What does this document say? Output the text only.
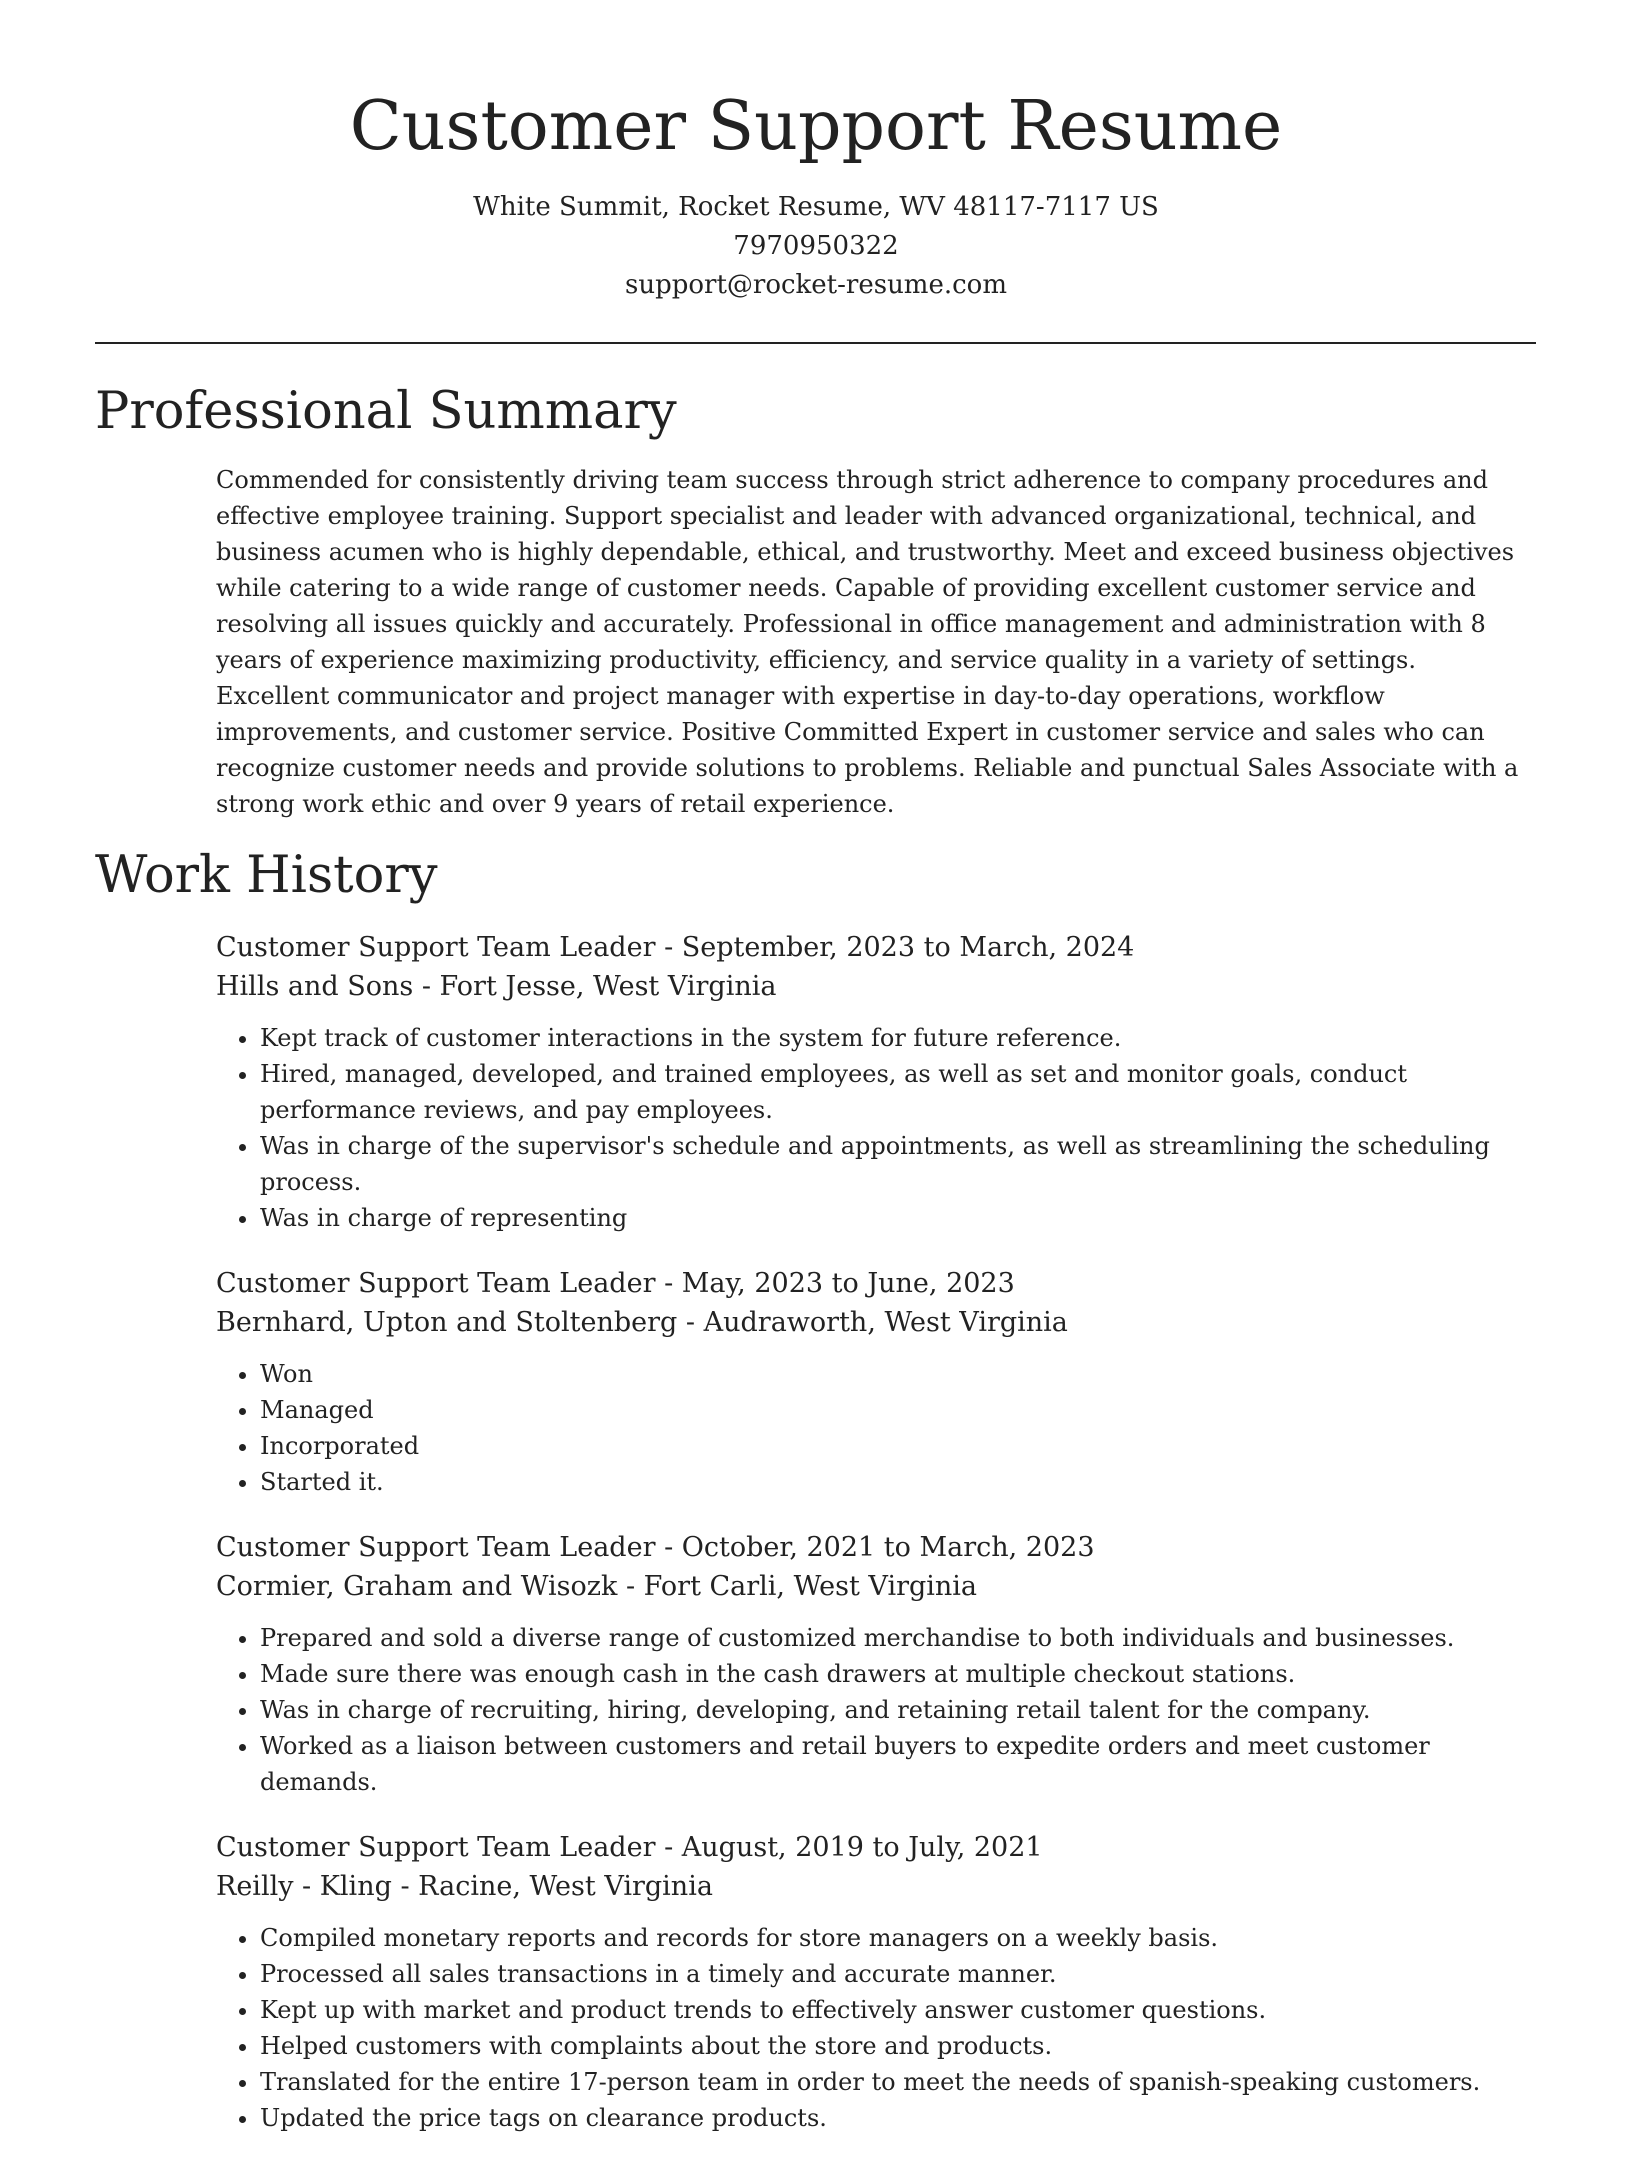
Customer Support Resume
White Summit, Rocket Resume, WV 48117-7117 US
7970950322
support@rocket-resume.com
Professional Summary

Commended for consistently driving team success through strict adherence to company procedures and effective employee training. Support specialist and leader with advanced organizational, technical, and business acumen who is highly dependable, ethical, and trustworthy. Meet and exceed business objectives while catering to a wide range of customer needs. Capable of providing excellent customer service and resolving all issues quickly and accurately. Professional in office management and administration with 8 years of experience maximizing productivity, efficiency, and service quality in a variety of settings. Excellent communicator and project manager with expertise in day-to-day operations, workflow improvements, and customer service. Positive Committed Expert in customer service and sales who can recognize customer needs and provide solutions to problems. Reliable and punctual Sales Associate with a strong work ethic and over 9 years of retail experience.

Work History

Customer Support Team Leader - September, 2023 to March, 2024

Hills and Sons - Fort Jesse, West Virginia

• Kept track of customer interactions in the system for future reference.
• Hired, managed, developed, and trained employees, as well as set and monitor goals, conduct performance reviews, and pay employees.
• Was in charge of the supervisor's schedule and appointments, as well as streamlining the scheduling process.
• Was in charge of representing

Customer Support Team Leader - May, 2023 to June, 2023

Bernhard, Upton and Stoltenberg - Audraworth, West Virginia

• Won
• Managed
• Incorporated
• Started it.

Customer Support Team Leader - October, 2021 to March, 2023

Cormier, Graham and Wisozk - Fort Carli, West Virginia

• Prepared and sold a diverse range of customized merchandise to both individuals and businesses.
• Made sure there was enough cash in the cash drawers at multiple checkout stations.
• Was in charge of recruiting, hiring, developing, and retaining retail talent for the company.
• Worked as a liaison between customers and retail buyers to expedite orders and meet customer demands.

Customer Support Team Leader - August, 2019 to July, 2021

Reilly - Kling - Racine, West Virginia

• Compiled monetary reports and records for store managers on a weekly basis.
• Processed all sales transactions in a timely and accurate manner.
• Kept up with market and product trends to effectively answer customer questions.
• Helped customers with complaints about the store and products.
• Translated for the entire 17-person team in order to meet the needs of spanish-speaking customers.
• Updated the price tags on clearance products.
